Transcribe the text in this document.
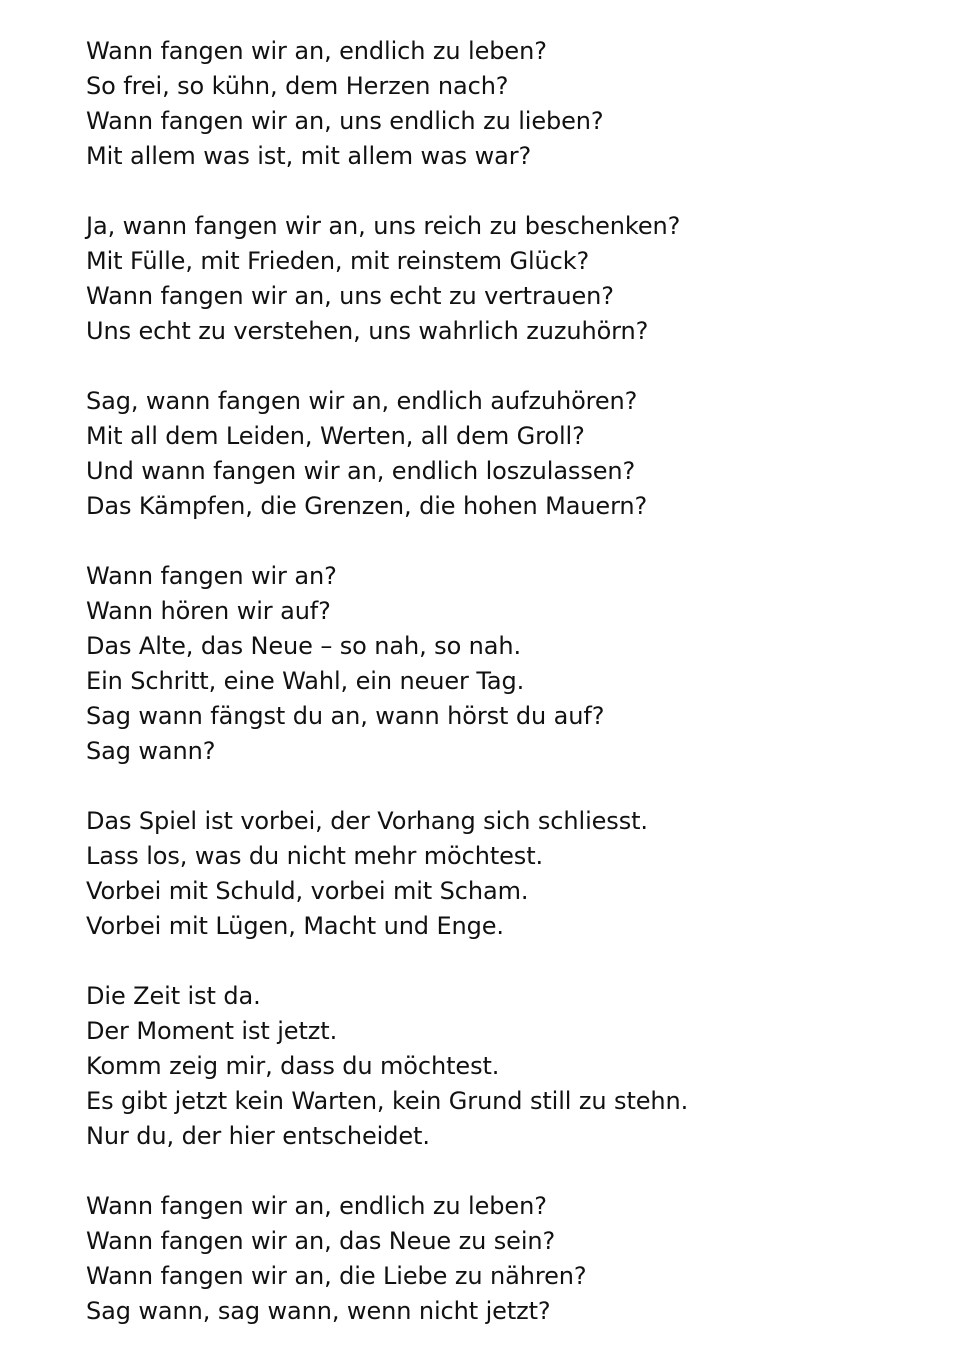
Wann fangen wir an, endlich zu leben?
So frei, so kühn, dem Herzen nach?
Wann fangen wir an, uns endlich zu lieben?
Mit allem was ist, mit allem was war?
Ja, wann fangen wir an, uns reich zu beschenken?
Mit Fülle, mit Frieden, mit reinstem Glück?
Wann fangen wir an, uns echt zu vertrauen?
Uns echt zu verstehen, uns wahrlich zuzuhörn?
Sag, wann fangen wir an, endlich aufzuhören?
Mit all dem Leiden, Werten, all dem Groll?
Und wann fangen wir an, endlich loszulassen?
Das Kämpfen, die Grenzen, die hohen Mauern?
Wann fangen wir an?
Wann hören wir auf?
Das Alte, das Neue – so nah, so nah.
Ein Schritt, eine Wahl, ein neuer Tag.
Sag wann fängst du an, wann hörst du auf?
Sag wann?
Das Spiel ist vorbei, der Vorhang sich schliesst.
Lass los, was du nicht mehr möchtest.
Vorbei mit Schuld, vorbei mit Scham.
Vorbei mit Lügen, Macht und Enge.
Die Zeit ist da.
Der Moment ist jetzt.
Komm zeig mir, dass du möchtest.
Es gibt jetzt kein Warten, kein Grund still zu stehn.
Nur du, der hier entscheidet.
Wann fangen wir an, endlich zu leben?
Wann fangen wir an, das Neue zu sein?
Wann fangen wir an, die Liebe zu nähren?
Sag wann, sag wann, wenn nicht jetzt?
